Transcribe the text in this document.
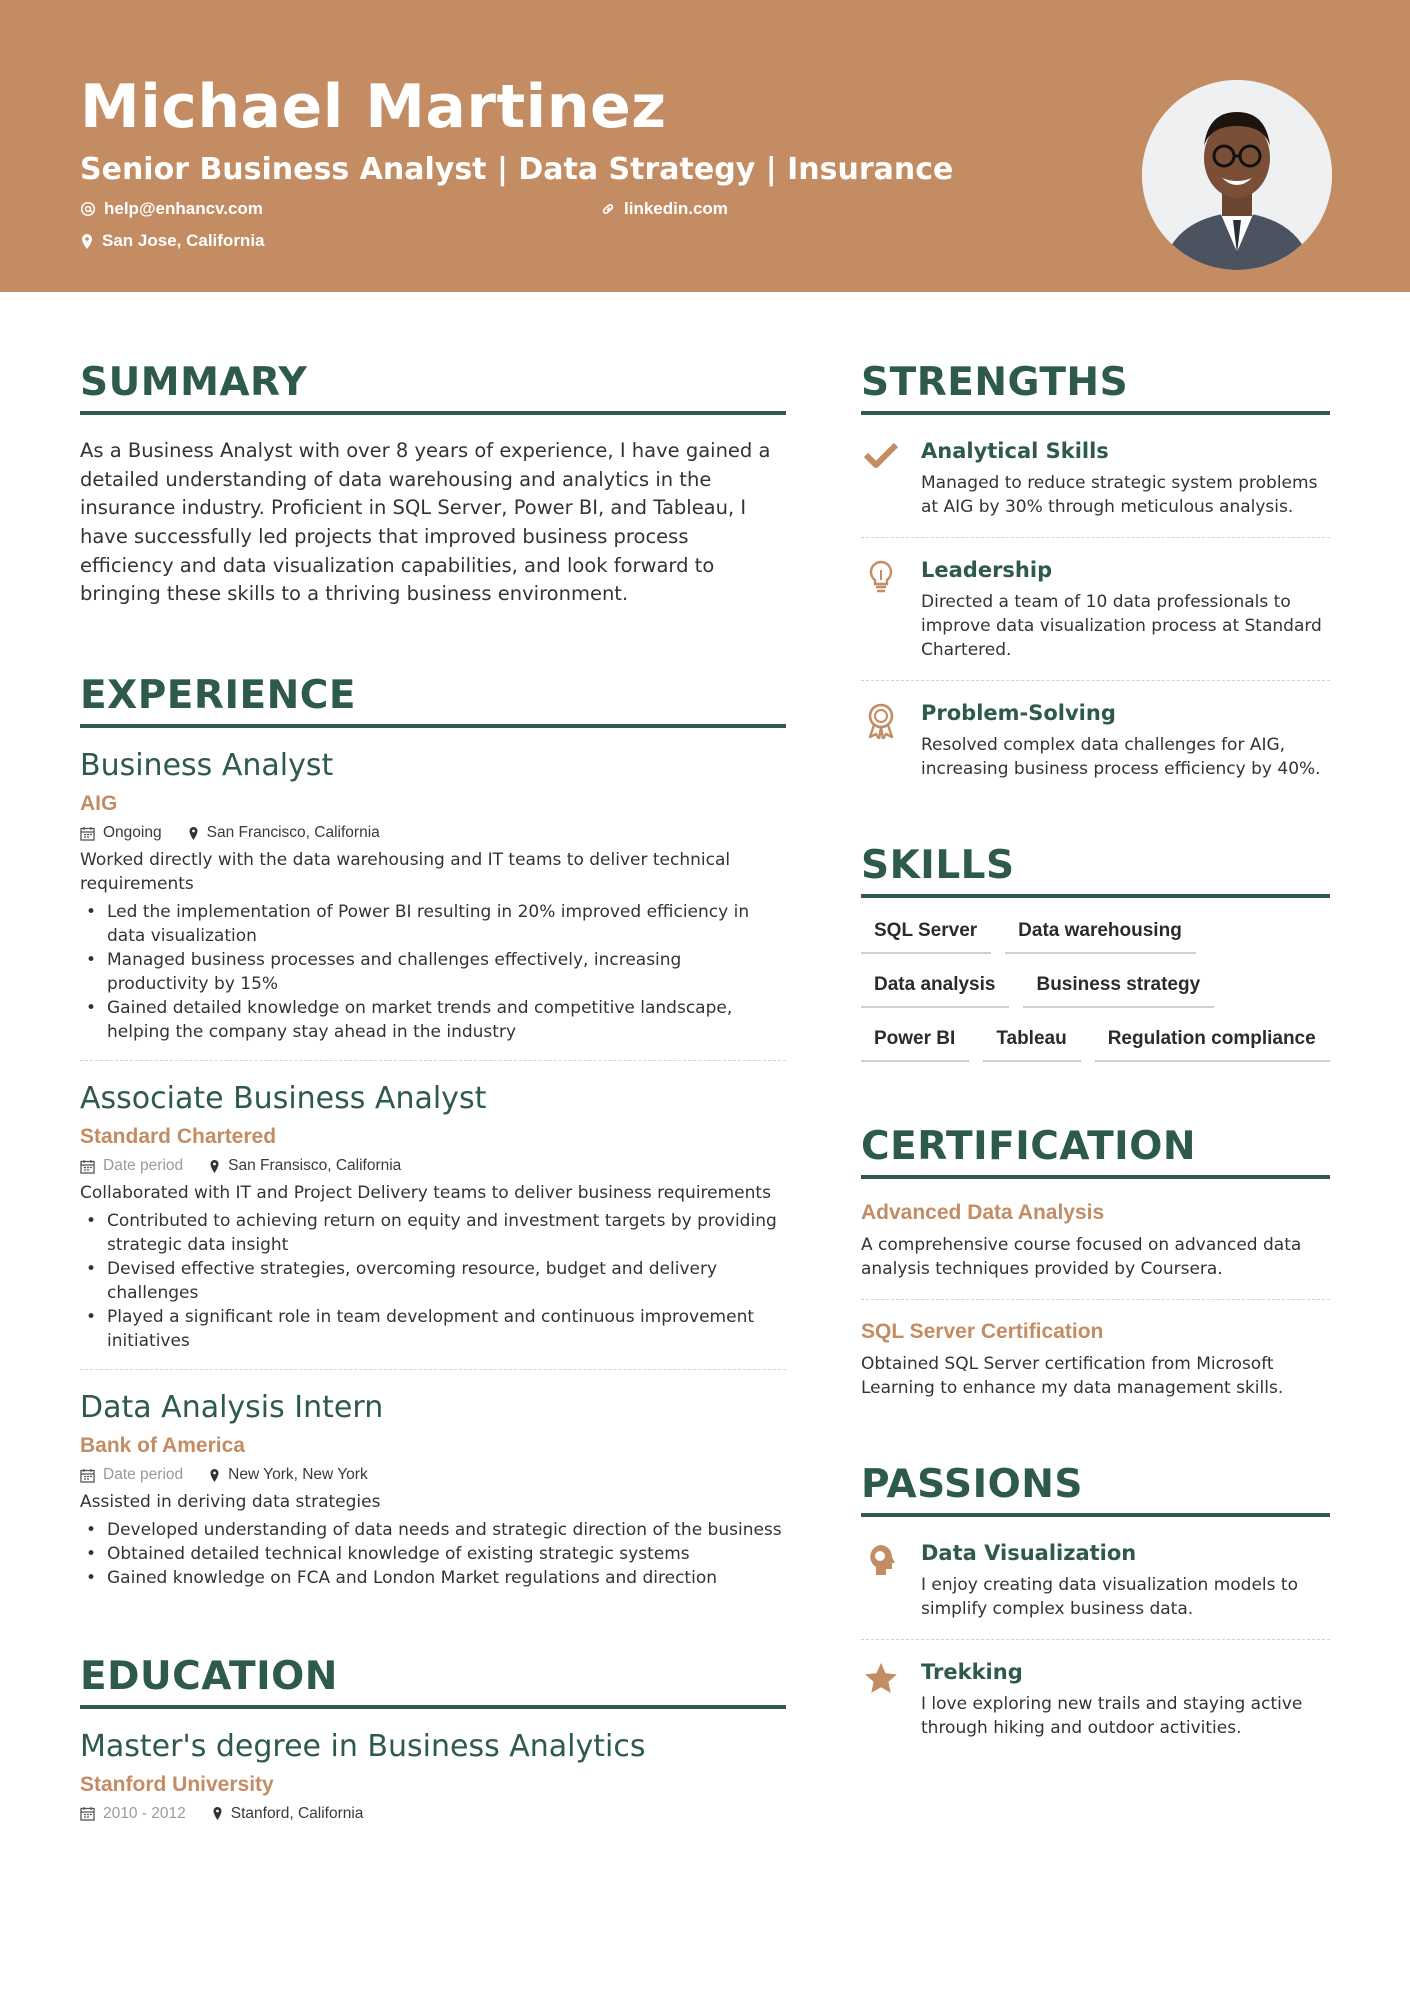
Michael Martinez
Senior Business Analyst | Data Strategy | Insurance
help@enhancv.com	linkedin.com
San Jose, California
SUMMARY

As a Business Analyst with over 8 years of experience, I have gained a detailed understanding of data warehousing and analytics in the insurance industry. Proficient in SQL Server, Power BI, and Tableau, I have successfully led projects that improved business process efficiency and data visualization capabilities, and look forward to bringing these skills to a thriving business environment.

EXPERIENCE
Business Analyst
AIG
Ongoing	San Francisco, California
Worked directly with the data warehousing and IT teams to deliver technical requirements
• Led the implementation of Power BI resulting in 20% improved efficiency in data visualization
• Managed business processes and challenges effectively, increasing productivity by 15%
• Gained detailed knowledge on market trends and competitive landscape, helping the company stay ahead in the industry
Associate Business Analyst
Standard Chartered
Date period	San Fransisco, California
Collaborated with IT and Project Delivery teams to deliver business requirements
• Contributed to achieving return on equity and investment targets by providing strategic data insight
• Devised effective strategies, overcoming resource, budget and delivery challenges
• Played a significant role in team development and continuous improvement initiatives
Data Analysis Intern
Bank of America
Date period	New York, New York
Assisted in deriving data strategies
• Developed understanding of data needs and strategic direction of the business
• Obtained detailed technical knowledge of existing strategic systems
• Gained knowledge on FCA and London Market regulations and direction
EDUCATION
Master's degree in Business Analytics
Stanford University
2010 - 2012	Stanford, California
STRENGTHS
Analytical Skills
Managed to reduce strategic system problems at AIG by 30% through meticulous analysis.
Leadership
Directed a team of 10 data professionals to improve data visualization process at Standard Chartered.
Problem-Solving
Resolved complex data challenges for AIG, increasing business process efficiency by 40%.
SKILLS
SQL Server	Data warehousing
Data analysis	Business strategy
Power BI	Tableau	Regulation compliance
CERTIFICATION
Advanced Data Analysis
A comprehensive course focused on advanced data analysis techniques provided by Coursera.
SQL Server Certification
Obtained SQL Server certification from Microsoft Learning to enhance my data management skills.
PASSIONS
Data Visualization
I enjoy creating data visualization models to simplify complex business data.
Trekking
I love exploring new trails and staying active through hiking and outdoor activities.
